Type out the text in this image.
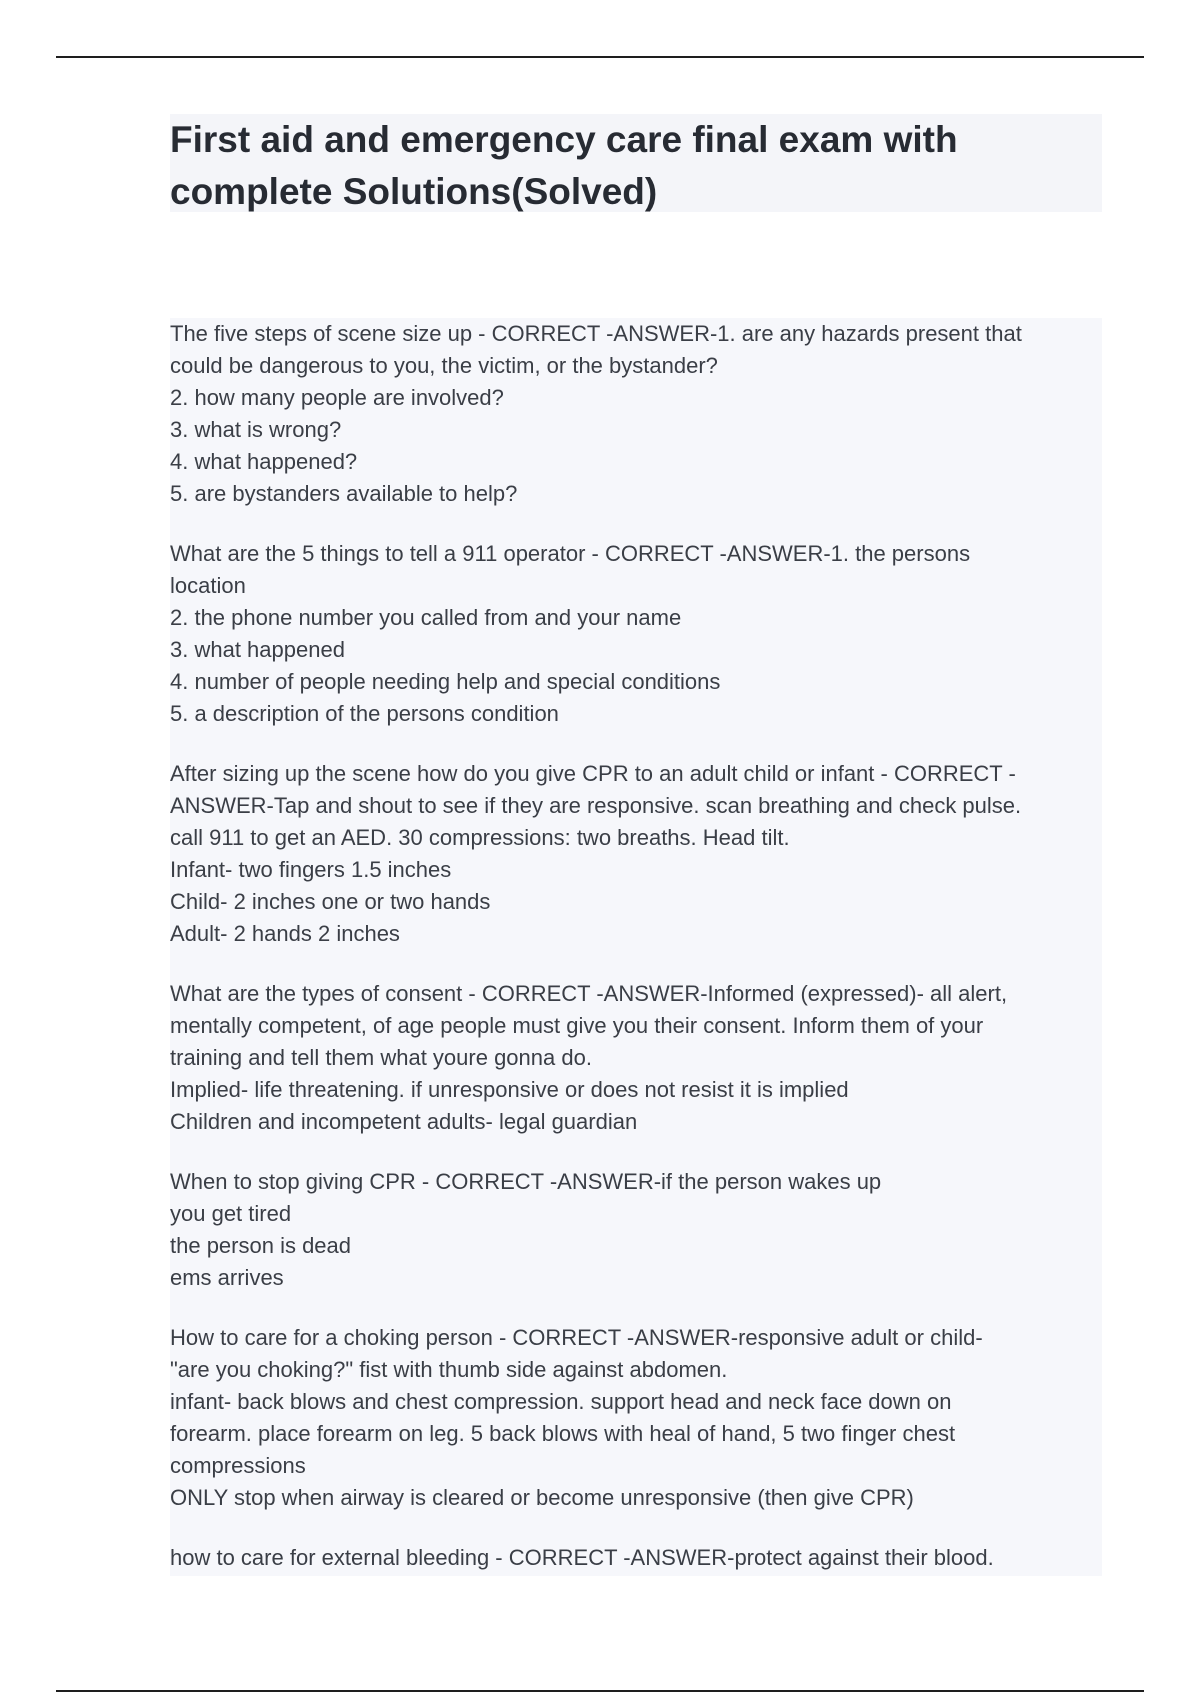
First aid and emergency care final exam with
complete Solutions(Solved)
The five steps of scene size up - CORRECT -ANSWER-1. are any hazards present that
could be dangerous to you, the victim, or the bystander?
2. how many people are involved?
3. what is wrong?
4. what happened?
5. are bystanders available to help?
What are the 5 things to tell a 911 operator - CORRECT -ANSWER-1. the persons
location
2. the phone number you called from and your name
3. what happened
4. number of people needing help and special conditions
5. a description of the persons condition
After sizing up the scene how do you give CPR to an adult child or infant - CORRECT -
ANSWER-Tap and shout to see if they are responsive. scan breathing and check pulse.
call 911 to get an AED. 30 compressions: two breaths. Head tilt.
Infant- two fingers 1.5 inches
Child- 2 inches one or two hands
Adult- 2 hands 2 inches
What are the types of consent - CORRECT -ANSWER-Informed (expressed)- all alert,
mentally competent, of age people must give you their consent. Inform them of your
training and tell them what youre gonna do.
Implied- life threatening. if unresponsive or does not resist it is implied
Children and incompetent adults- legal guardian
When to stop giving CPR - CORRECT -ANSWER-if the person wakes up
you get tired
the person is dead
ems arrives
How to care for a choking person - CORRECT -ANSWER-responsive adult or child-
"are you choking?" fist with thumb side against abdomen.
infant- back blows and chest compression. support head and neck face down on
forearm. place forearm on leg. 5 back blows with heal of hand, 5 two finger chest
compressions
ONLY stop when airway is cleared or become unresponsive (then give CPR)
how to care for external bleeding - CORRECT -ANSWER-protect against their blood.
